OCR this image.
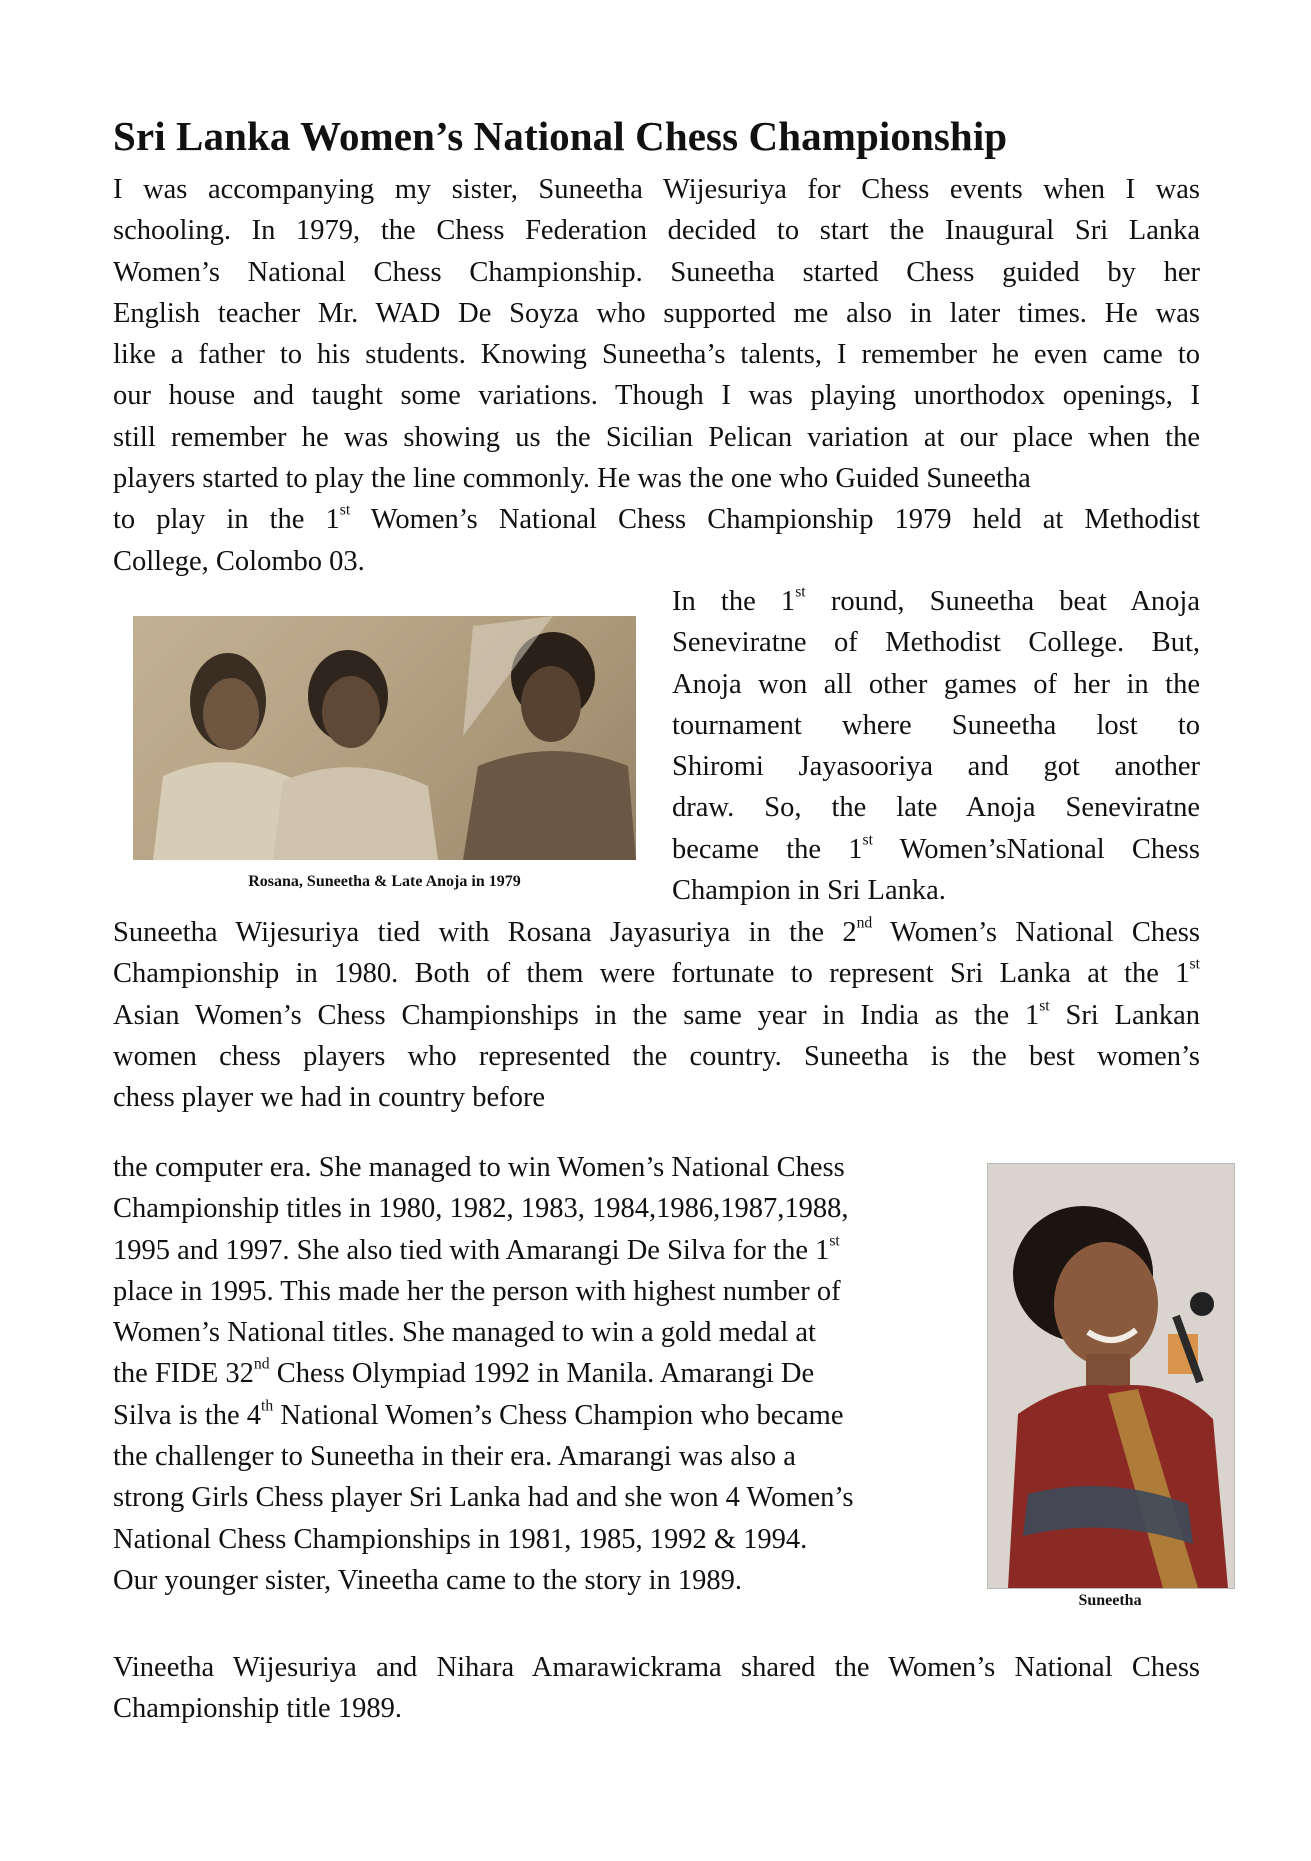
Sri Lanka Women’s National Chess Championship
I was accompanying my sister, Suneetha Wijesuriya for Chess events when I was
schooling. In 1979, the Chess Federation decided to start the Inaugural Sri Lanka
Women’s National Chess Championship. Suneetha started Chess guided by her
English teacher Mr. WAD De Soyza who supported me also in later times. He was
like a father to his students. Knowing Suneetha’s talents, I remember he even came to
our house and taught some variations. Though I was playing unorthodox openings, I
still remember he was showing us the Sicilian Pelican variation at our place when the
players started to play the line commonly. He was the one who Guided Suneetha
to play in the 1st Women’s National Chess Championship 1979 held at Methodist
College, Colombo 03.
Rosana, Suneetha & Late Anoja in 1979
In the 1st round, Suneetha beat Anoja
Seneviratne of Methodist College. But,
Anoja won all other games of her in the
tournament where Suneetha lost to
Shiromi Jayasooriya and got another
draw. So, the late Anoja Seneviratne
became the 1st Women’sNational Chess
Champion in Sri Lanka.
Suneetha Wijesuriya tied with Rosana Jayasuriya in the 2nd Women’s National Chess
Championship in 1980. Both of them were fortunate to represent Sri Lanka at the 1st
Asian Women’s Chess Championships in the same year in India as the 1st Sri Lankan
women chess players who represented the country. Suneetha is the best women’s
chess player we had in country before
the computer era. She managed to win Women’s National Chess
Championship titles in 1980, 1982, 1983, 1984,1986,1987,1988,
1995 and 1997. She also tied with Amarangi De Silva for the 1st
place in 1995. This made her the person with highest number of
Women’s National titles. She managed to win a gold medal at
the FIDE 32nd Chess Olympiad 1992 in Manila. Amarangi De
Silva is the 4th National Women’s Chess Champion who became
the challenger to Suneetha in their era. Amarangi was also a
strong Girls Chess player Sri Lanka had and she won 4 Women’s
National Chess Championships in 1981, 1985, 1992 & 1994.
Our younger sister, Vineetha came to the story in 1989.
Suneetha
Vineetha Wijesuriya and Nihara Amarawickrama shared the Women’s National Chess
Championship title 1989.
